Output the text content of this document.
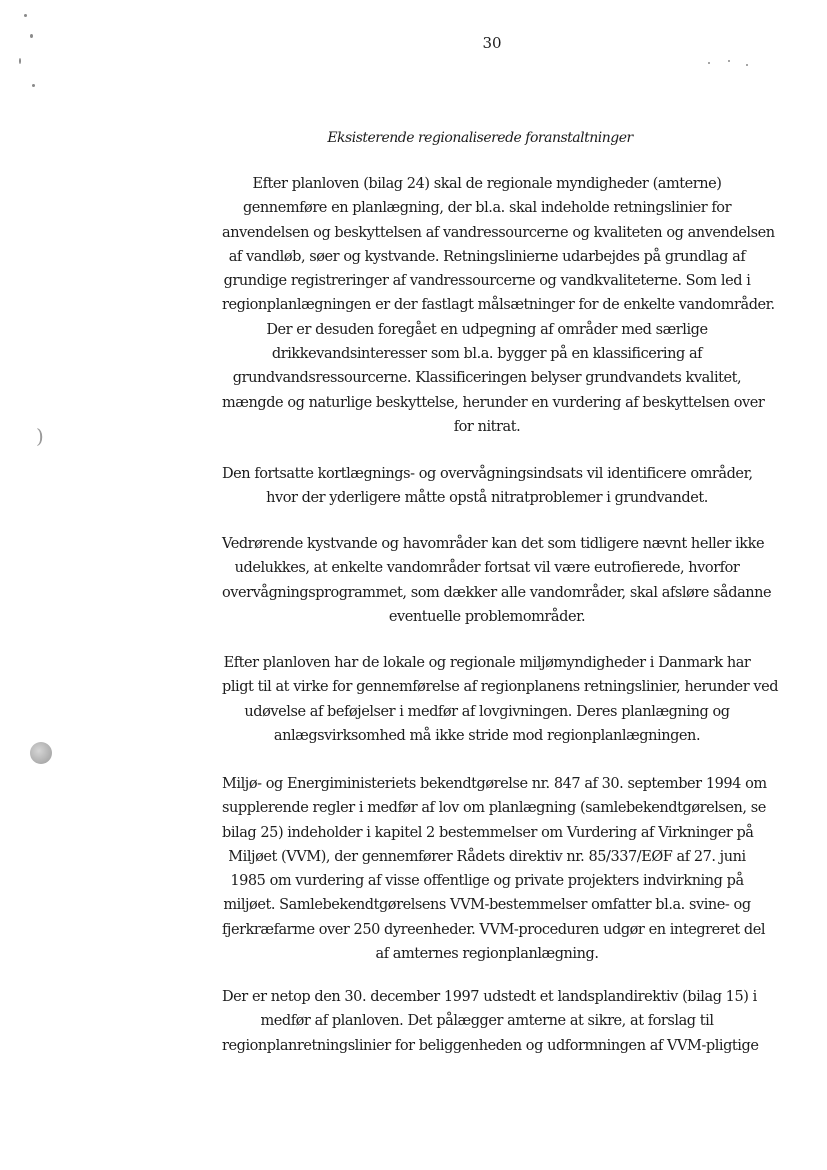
30
Eksisterende regionaliserede foranstaltninger
Efter planloven (bilag 24) skal de regionale myndigheder (amterne)
gennemføre en planlægning, der bl.a. skal indeholde retningslinier for
anvendelsen og beskyttelsen af vandressourcerne og kvaliteten og anvendelsen
af vandløb, søer og kystvande. Retningslinierne udarbejdes på grundlag af
grundige registreringer af vandressourcerne og vandkvaliteterne. Som led i
regionplanlægningen er der fastlagt målsætninger for de enkelte vandområder.
Der er desuden foregået en udpegning af områder med særlige
drikkevandsinteresser som bl.a. bygger på en klassificering af
grundvandsressourcerne. Klassificeringen belyser grundvandets kvalitet,
mængde og naturlige beskyttelse, herunder en vurdering af beskyttelsen over
for nitrat.
Den fortsatte kortlægnings- og overvågningsindsats vil identificere områder,
hvor der yderligere måtte opstå nitratproblemer i grundvandet.
Vedrørende kystvande og havområder kan det som tidligere nævnt heller ikke
udelukkes, at enkelte vandområder fortsat vil være eutrofierede, hvorfor
overvågningsprogrammet, som dækker alle vandområder, skal afsløre sådanne
eventuelle problemområder.
Efter planloven har de lokale og regionale miljømyndigheder i Danmark har
pligt til at virke for gennemførelse af regionplanens retningslinier, herunder ved
udøvelse af beføjelser i medfør af lovgivningen. Deres planlægning og
anlægsvirksomhed må ikke stride mod regionplanlægningen.
Miljø- og Energiministeriets bekendtgørelse nr. 847 af 30. september 1994 om
supplerende regler i medfør af lov om planlægning (samlebekendtgørelsen, se
bilag 25) indeholder i kapitel 2 bestemmelser om Vurdering af Virkninger på
Miljøet (VVM), der gennemfører Rådets direktiv nr. 85/337/EØF af 27. juni
1985 om vurdering af visse offentlige og private projekters indvirkning på
miljøet. Samlebekendtgørelsens VVM-bestemmelser omfatter bl.a. svine- og
fjerkræfarme over 250 dyreenheder. VVM-proceduren udgør en integreret del
af amternes regionplanlægning.
Der er netop den 30. december 1997 udstedt et landsplandirektiv (bilag 15) i
medfør af planloven. Det pålægger amterne at sikre, at forslag til
regionplanretningslinier for beliggenheden og udformningen af VVM-pligtige
)
